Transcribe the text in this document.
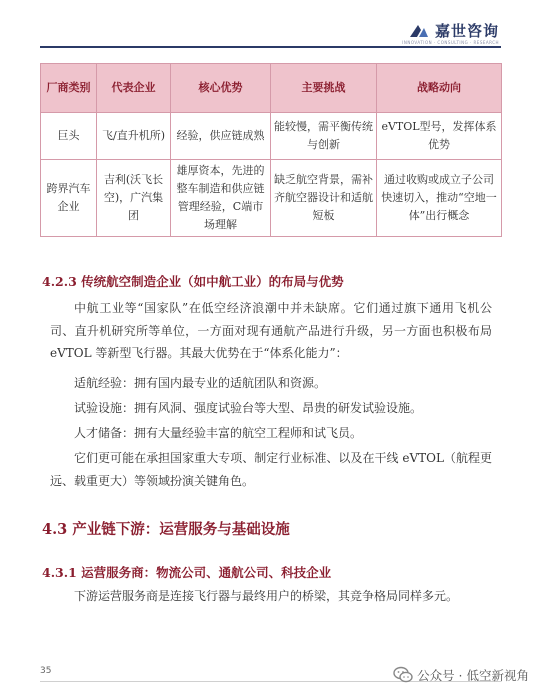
嘉世咨询
INNOVATION · CONSULTING · RESEARCH
厂商类别	代表企业	核心优势	主要挑战	战略动向
巨头	飞/直升机所)	经验，供应链成熟	能较慢，需平衡传统与创新	eVTOL型号，发挥体系优势
跨界汽车企业	吉利(沃飞长空)，广汽集团	雄厚资本，先进的整车制造和供应链管理经验，C端市场理解	缺乏航空背景，需补齐航空器设计和适航短板	通过收购或成立子公司快速切入，推动“空地一体”出行概念
4.2.3 传统航空制造企业（如中航工业）的布局与优势

中航工业等“国家队”在低空经济浪潮中并未缺席。它们通过旗下通用飞机公司、直升机研究所等单位，一方面对现有通航产品进行升级，另一方面也积极布局 eVTOL 等新型飞行器。其最大优势在于“体系化能力”：

适航经验：拥有国内最专业的适航团队和资源。
试验设施：拥有风洞、强度试验台等大型、昂贵的研发试验设施。
人才储备：拥有大量经验丰富的航空工程师和试飞员。

它们更可能在承担国家重大专项、制定行业标准、以及在干线 eVTOL（航程更远、载重更大）等领域扮演关键角色。

4.3 产业链下游：运营服务与基础设施
4.3.1 运营服务商：物流公司、通航公司、科技企业

下游运营服务商是连接飞行器与最终用户的桥梁，其竞争格局同样多元。

35	公众号 · 低空新视角
